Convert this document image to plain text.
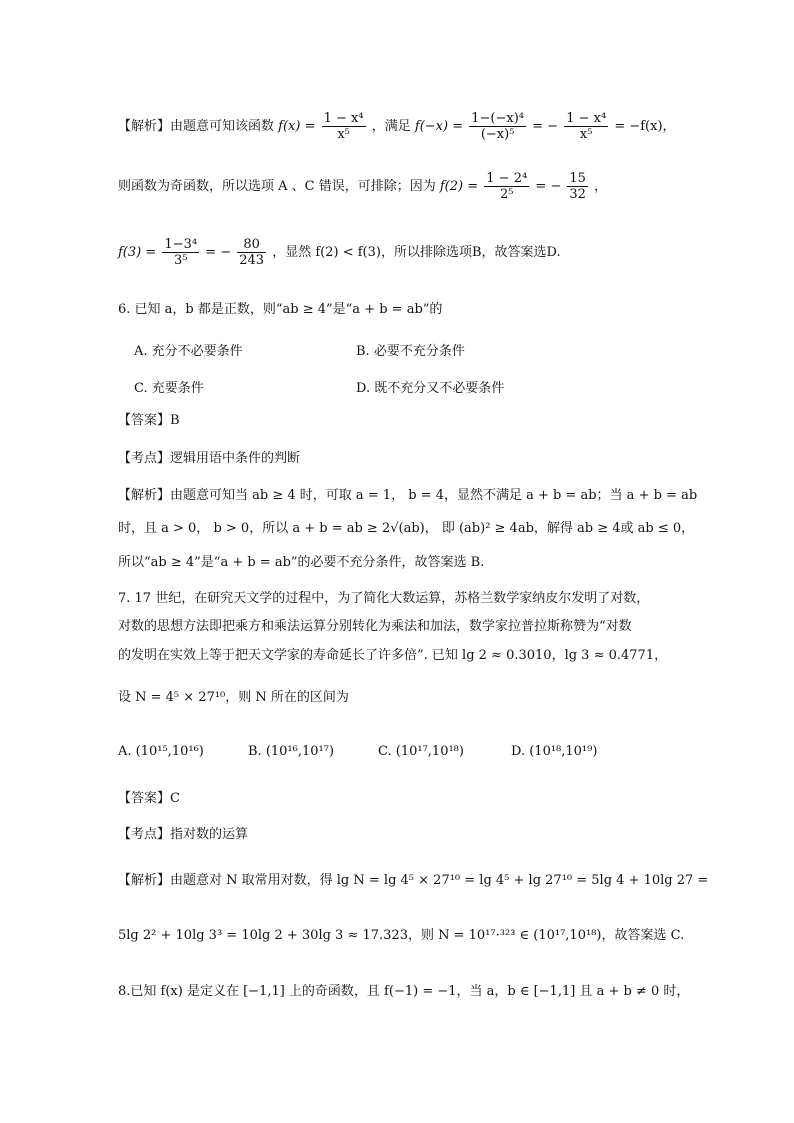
【解析】由题意可知该函数 $f(x) = \frac{\text{1 − x⁴}}{\text{x⁵}}$ ，满足 $f(-x) = \frac{\text{1−(−x)⁴}}{\text{(−x)⁵}}$ = − $\frac{\text{1 − x⁴}}{\text{x⁵}} = -f(x)$，
则函数为奇函数，所以选项 A 、C 错误，可排除；因为 $f(2) = \frac{\text{1 − 2⁴}}{\text{2⁵}}$ = − $\frac{15}{32}$ ，
$f(3) = \frac{\text{1−3⁴}}{\text{3⁵}}$ = − $\frac{80}{243}$ ，显然 f(2) < f(3)，所以排除选项B，故答案选D.
6. 已知 a，b 都是正数，则“ab ≥ 4”是“a + b = ab”的
A. 充分不必要条件	B. 必要不充分条件
C. 充要条件	D. 既不充分又不必要条件
【答案】B
【考点】逻辑用语中条件的判断
【解析】由题意可知当 ab ≥ 4 时，可取 a = 1， b = 4，显然不满足 a + b = ab；当 a + b = ab
时，且 a > 0， b > 0，所以 a + b = ab ≥ 2√(ab)， 即 (ab)² ≥ 4ab，解得 ab ≥ 4或 ab ≤ 0，
所以“ab ≥ 4”是“a + b = ab”的必要不充分条件，故答案选 B.
7. 17 世纪，在研究天文学的过程中，为了简化大数运算，苏格兰数学家纳皮尔发明了对数，
对数的思想方法即把乘方和乘法运算分别转化为乘法和加法，数学家拉普拉斯称赞为“对数
的发明在实效上等于把天文学家的寿命延长了许多倍”. 已知 lg 2 ≈ 0.3010，lg 3 ≈ 0.4771，
设 N = 4⁵ × 27¹⁰，则 N 所在的区间为
A. (10¹⁵,10¹⁶)	B. (10¹⁶,10¹⁷)	C. (10¹⁷,10¹⁸)	D. (10¹⁸,10¹⁹)
【答案】C
【考点】指对数的运算
【解析】由题意对 N 取常用对数，得 lg N = lg 4⁵ × 27¹⁰ = lg 4⁵ + lg 27¹⁰ = 5lg 4 + 10lg 27 =
5lg 2² + 10lg 3³ = 10lg 2 + 30lg 3 ≈ 17.323，则 N = 10¹⁷·³²³ ∈ (10¹⁷,10¹⁸)，故答案选 C.
8.已知 f(x) 是定义在 [−1,1] 上的奇函数，且 f(−1) = −1，当 a，b ∈ [−1,1] 且 a + b ≠ 0 时，
